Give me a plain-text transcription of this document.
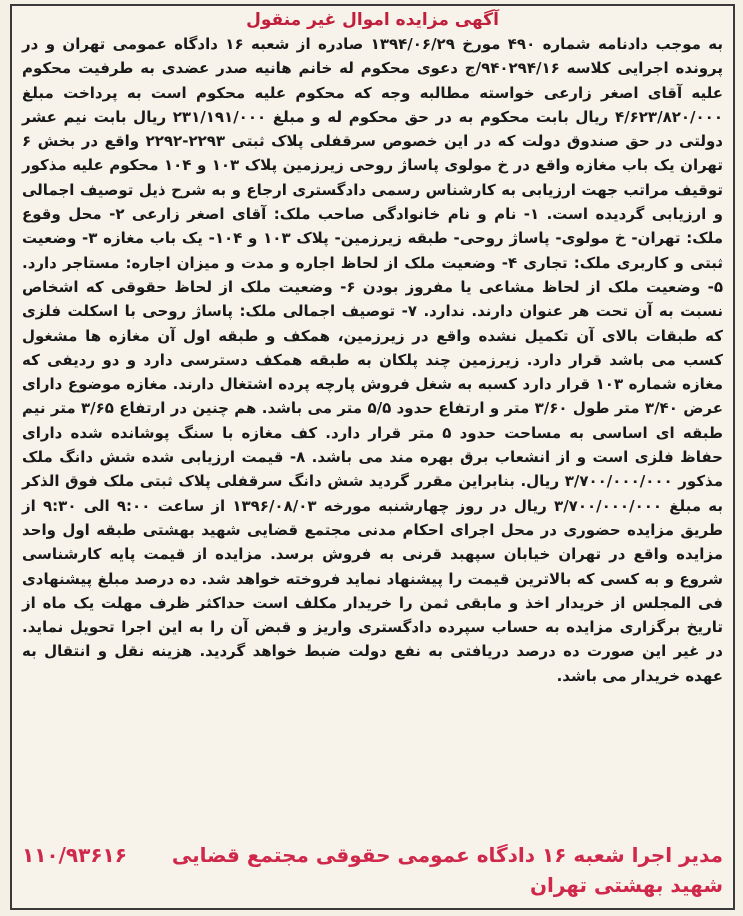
آگهی مزایده اموال غیر منقول
به موجب دادنامه شماره ۴۹۰ مورخ ۱۳۹۴/۰۶/۲۹ صادره از شعبه ۱۶ دادگاه عمومی تهران و در پرونده اجرایی کلاسه ۹۴۰۲۹۴/۱۶/ج دعوی محکوم له خانم هانیه صدر عضدی به طرفیت محکوم علیه آقای اصغر زارعی خواسته مطالبه وجه که محکوم علیه محکوم است به پرداخت مبلغ ۴/۶۲۳/۸۲۰/۰۰۰ ریال بابت محکوم به در حق محکوم له و مبلغ ۲۳۱/۱۹۱/۰۰۰ ریال بابت نیم عشر دولتی در حق صندوق دولت که در این خصوص سرقفلی پلاک ثبتی ۲۲۹۳-۲۲۹۲ واقع در بخش ۶ تهران یک باب مغازه واقع در خ مولوی پاساژ روحی زیرزمین پلاک ۱۰۳ و ۱۰۴ محکوم علیه مذکور توقیف مراتب جهت ارزیابی به کارشناس رسمی دادگستری ارجاع و به شرح ذیل توصیف اجمالی و ارزیابی گردیده است. ۱- نام و نام خانوادگی صاحب ملک: آقای اصغر زارعی ۲- محل وقوع ملک: تهران- خ مولوی- پاساژ روحی- طبقه زیرزمین- پلاک ۱۰۳ و ۱۰۴- یک باب مغازه ۳- وضعیت ثبتی و کاربری ملک: تجاری ۴- وضعیت ملک از لحاظ اجاره و مدت و میزان اجاره: مستاجر دارد. ۵- وضعیت ملک از لحاظ مشاعی یا مفروز بودن ۶- وضعیت ملک از لحاظ حقوقی که اشخاص نسبت به آن تحت هر عنوان دارند. ندارد. ۷- توصیف اجمالی ملک: پاساژ روحی با اسکلت فلزی که طبقات بالای آن تکمیل نشده واقع در زیرزمین، همکف و طبقه اول آن مغازه ها مشغول کسب می باشد قرار دارد. زیرزمین چند پلکان به طبقه همکف دسترسی دارد و دو ردیفی که مغازه شماره ۱۰۳ قرار دارد کسبه به شغل فروش پارچه پرده اشتغال دارند. مغازه موضوع دارای عرض ۳/۴۰ متر طول ۳/۶۰ متر و ارتفاع حدود ۵/۵ متر می باشد. هم چنین در ارتفاع ۳/۶۵ متر نیم طبقه ای اساسی به مساحت حدود ۵ متر قرار دارد. کف مغازه با سنگ پوشانده شده دارای حفاظ فلزی است و از انشعاب برق بهره مند می باشد. ۸- قیمت ارزیابی شده شش دانگ ملک مذکور ۳/۷۰۰/۰۰۰/۰۰۰ ریال. بنابراین مقرر گردید شش دانگ سرقفلی پلاک ثبتی ملک فوق الذکر به مبلغ ۳/۷۰۰/۰۰۰/۰۰۰ ریال در روز چهارشنبه مورخه ۱۳۹۶/۰۸/۰۳ از ساعت ۹:۰۰ الی ۹:۳۰ از طریق مزایده حضوری در محل اجرای احکام مدنی مجتمع قضایی شهید بهشتی طبقه اول واحد مزایده واقع در تهران خیابان سپهبد قرنی به فروش برسد. مزایده از قیمت پایه کارشناسی شروع و به کسی که بالاترین قیمت را پیشنهاد نماید فروخته خواهد شد. ده درصد مبلغ پیشنهادی فی المجلس از خریدار اخذ و مابقی ثمن را خریدار مکلف است حداکثر ظرف مهلت یک ماه از تاریخ برگزاری مزایده به حساب سپرده دادگستری واریز و قبض آن را به این اجرا تحویل نماید. در غیر این صورت ده درصد دریافتی به نفع دولت ضبط خواهد گردید. هزینه نقل و انتقال به عهده خریدار می باشد.
مدیر اجرا شعبه ۱۶ دادگاه عمومی حقوقی مجتمع قضایی
۱۱۰/۹۳۶۱۶
شهید بهشتی تهران
